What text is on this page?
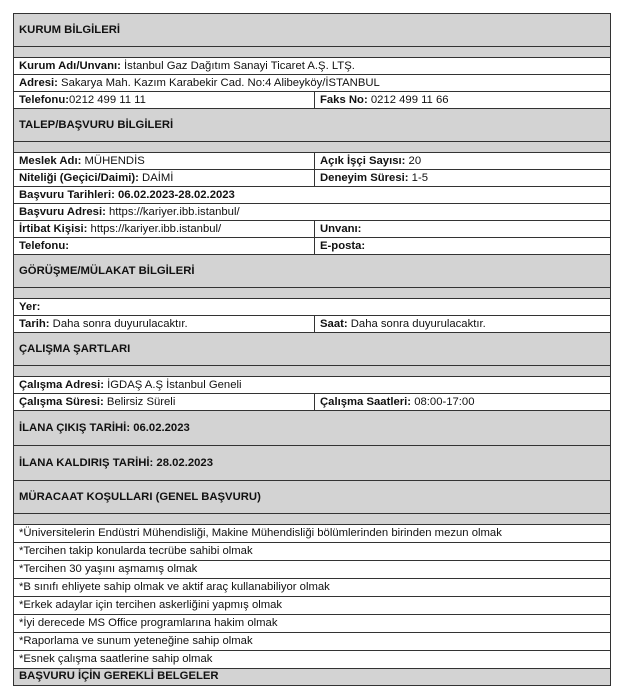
KURUM BİLGİLERİ	

Kurum Adı/Unvanı: İstanbul Gaz Dağıtım Sanayi Ticaret A.Ş. LTŞ.	
Adresi: Sakarya Mah. Kazım Karabekir Cad. No:4 Alibeyköy/İSTANBUL	
Telefonu:0212 499 11 11	Faks No: 0212 499 11 66
TALEP/BAŞVURU BİLGİLERİ	

Meslek Adı: MÜHENDİS	Açık İşçi Sayısı: 20
Niteliği (Geçici/Daimi): DAİMİ	Deneyim Süresi: 1-5
Başvuru Tarihleri: 06.02.2023-28.02.2023	
Başvuru Adresi: https://kariyer.ibb.istanbul/	
İrtibat Kişisi: https://kariyer.ibb.istanbul/	Unvanı:
Telefonu:	E-posta:
GÖRÜŞME/MÜLAKAT BİLGİLERİ	

Yer:	
Tarih: Daha sonra duyurulacaktır.	Saat: Daha sonra duyurulacaktır.
ÇALIŞMA ŞARTLARI	

Çalışma Adresi: İGDAŞ A.Ş İstanbul Geneli	
Çalışma Süresi: Belirsiz Süreli	Çalışma Saatleri: 08:00-17:00
İLANA ÇIKIŞ TARİHİ: 06.02.2023	
İLANA KALDIRIŞ TARİHİ: 28.02.2023	
MÜRACAAT KOŞULLARI (GENEL BAŞVURU)	

*Üniversitelerin Endüstri Mühendisliği, Makine Mühendisliği bölümlerinden birinden mezun olmak	
*Tercihen takip konularda tecrübe sahibi olmak	
*Tercihen 30 yaşını aşmamış olmak	
*B sınıfı ehliyete sahip olmak ve aktif araç kullanabiliyor olmak	
*Erkek adaylar için tercihen askerliğini yapmış olmak	
*İyi derecede MS Office programlarına hakim olmak	
*Raporlama ve sunum yeteneğine sahip olmak	
*Esnek çalışma saatlerine sahip olmak	
BAŞVURU İÇİN GEREKLİ BELGELER	
